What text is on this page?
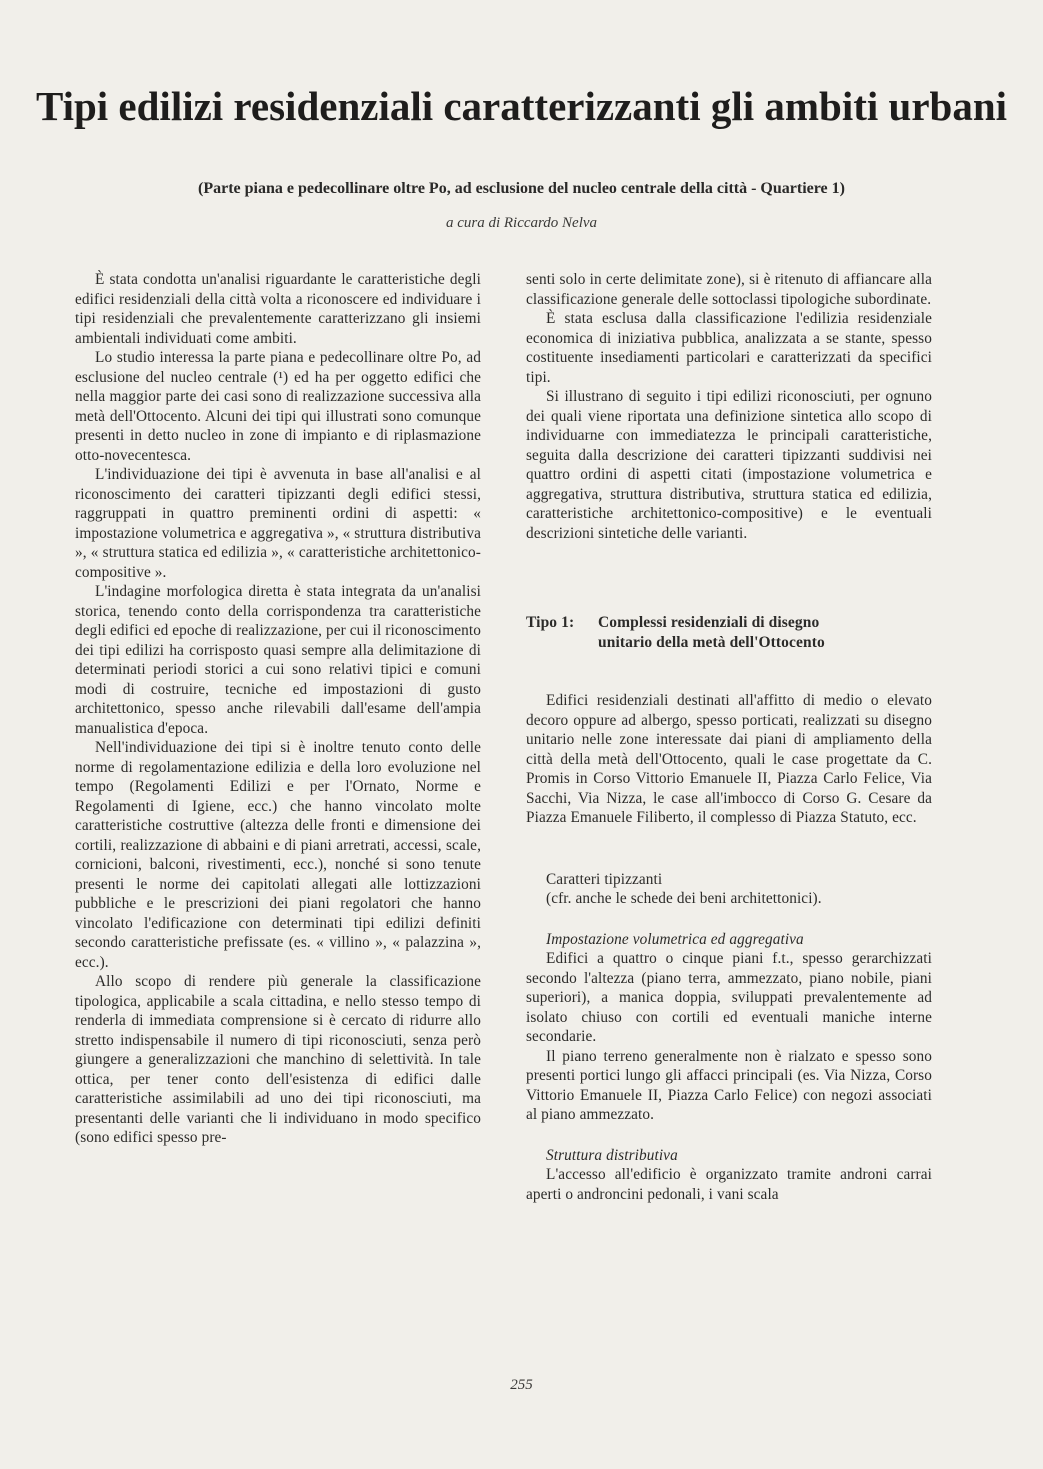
Tipi edilizi residenziali caratterizzanti gli ambiti urbani

(Parte piana e pedecollinare oltre Po, ad esclusione del nucleo centrale della città - Quartiere 1)

a cura di Riccardo Nelva

È stata condotta un'analisi riguardante le caratteristiche degli edifici residenziali della città volta a riconoscere ed individuare i tipi residenziali che prevalentemente caratterizzano gli insiemi ambientali individuati come ambiti.

Lo studio interessa la parte piana e pedecollinare oltre Po, ad esclusione del nucleo centrale (¹) ed ha per oggetto edifici che nella maggior parte dei casi sono di realizzazione successiva alla metà dell'Ottocento. Alcuni dei tipi qui illustrati sono comunque presenti in detto nucleo in zone di impianto e di riplasmazione otto-novecentesca.

L'individuazione dei tipi è avvenuta in base all'analisi e al riconoscimento dei caratteri tipizzanti degli edifici stessi, raggruppati in quattro preminenti ordini di aspetti: « impostazione volumetrica e aggregativa », « struttura distributiva », « struttura statica ed edilizia », « caratteristiche architettonico-compositive ».

L'indagine morfologica diretta è stata integrata da un'analisi storica, tenendo conto della corrispondenza tra caratteristiche degli edifici ed epoche di realizzazione, per cui il riconoscimento dei tipi edilizi ha corrisposto quasi sempre alla delimitazione di determinati periodi storici a cui sono relativi tipici e comuni modi di costruire, tecniche ed impostazioni di gusto architettonico, spesso anche rilevabili dall'esame dell'ampia manualistica d'epoca.

Nell'individuazione dei tipi si è inoltre tenuto conto delle norme di regolamentazione edilizia e della loro evoluzione nel tempo (Regolamenti Edilizi e per l'Ornato, Norme e Regolamenti di Igiene, ecc.) che hanno vincolato molte caratteristiche costruttive (altezza delle fronti e dimensione dei cortili, realizzazione di abbaini e di piani arretrati, accessi, scale, cornicioni, balconi, rivestimenti, ecc.), nonché si sono tenute presenti le norme dei capitolati allegati alle lottizzazioni pubbliche e le prescrizioni dei piani regolatori che hanno vincolato l'edificazione con determinati tipi edilizi definiti secondo caratteristiche prefissate (es. « villino », « palazzina », ecc.).

Allo scopo di rendere più generale la classificazione tipologica, applicabile a scala cittadina, e nello stesso tempo di renderla di immediata comprensione si è cercato di ridurre allo stretto indispensabile il numero di tipi riconosciuti, senza però giungere a generalizzazioni che manchino di selettività. In tale ottica, per tener conto dell'esistenza di edifici dalle caratteristiche assimilabili ad uno dei tipi riconosciuti, ma presentanti delle varianti che li individuano in modo specifico (sono edifici spesso pre-

senti solo in certe delimitate zone), si è ritenuto di affiancare alla classificazione generale delle sottoclassi tipologiche subordinate.

È stata esclusa dalla classificazione l'edilizia residenziale economica di iniziativa pubblica, analizzata a se stante, spesso costituente insediamenti particolari e caratterizzati da specifici tipi.

Si illustrano di seguito i tipi edilizi riconosciuti, per ognuno dei quali viene riportata una definizione sintetica allo scopo di individuarne con immediatezza le principali caratteristiche, seguita dalla descrizione dei caratteri tipizzanti suddivisi nei quattro ordini di aspetti citati (impostazione volumetrica e aggregativa, struttura distributiva, struttura statica ed edilizia, caratteristiche architettonico-compositive) e le eventuali descrizioni sintetiche delle varianti.

Tipo 1: Complessi residenziali di disegno
unitario della metà dell'Ottocento

Edifici residenziali destinati all'affitto di medio o elevato decoro oppure ad albergo, spesso porticati, realizzati su disegno unitario nelle zone interessate dai piani di ampliamento della città della metà dell'Ottocento, quali le case progettate da C. Promis in Corso Vittorio Emanuele II, Piazza Carlo Felice, Via Sacchi, Via Nizza, le case all'imbocco di Corso G. Cesare da Piazza Emanuele Filiberto, il complesso di Piazza Statuto, ecc.

Caratteri tipizzanti

(cfr. anche le schede dei beni architettonici).

Impostazione volumetrica ed aggregativa

Edifici a quattro o cinque piani f.t., spesso gerarchizzati secondo l'altezza (piano terra, ammezzato, piano nobile, piani superiori), a manica doppia, sviluppati prevalentemente ad isolato chiuso con cortili ed eventuali maniche interne secondarie.

Il piano terreno generalmente non è rialzato e spesso sono presenti portici lungo gli affacci principali (es. Via Nizza, Corso Vittorio Emanuele II, Piazza Carlo Felice) con negozi associati al piano ammezzato.

Struttura distributiva

L'accesso all'edificio è organizzato tramite androni carrai aperti o androncini pedonali, i vani scala

255
